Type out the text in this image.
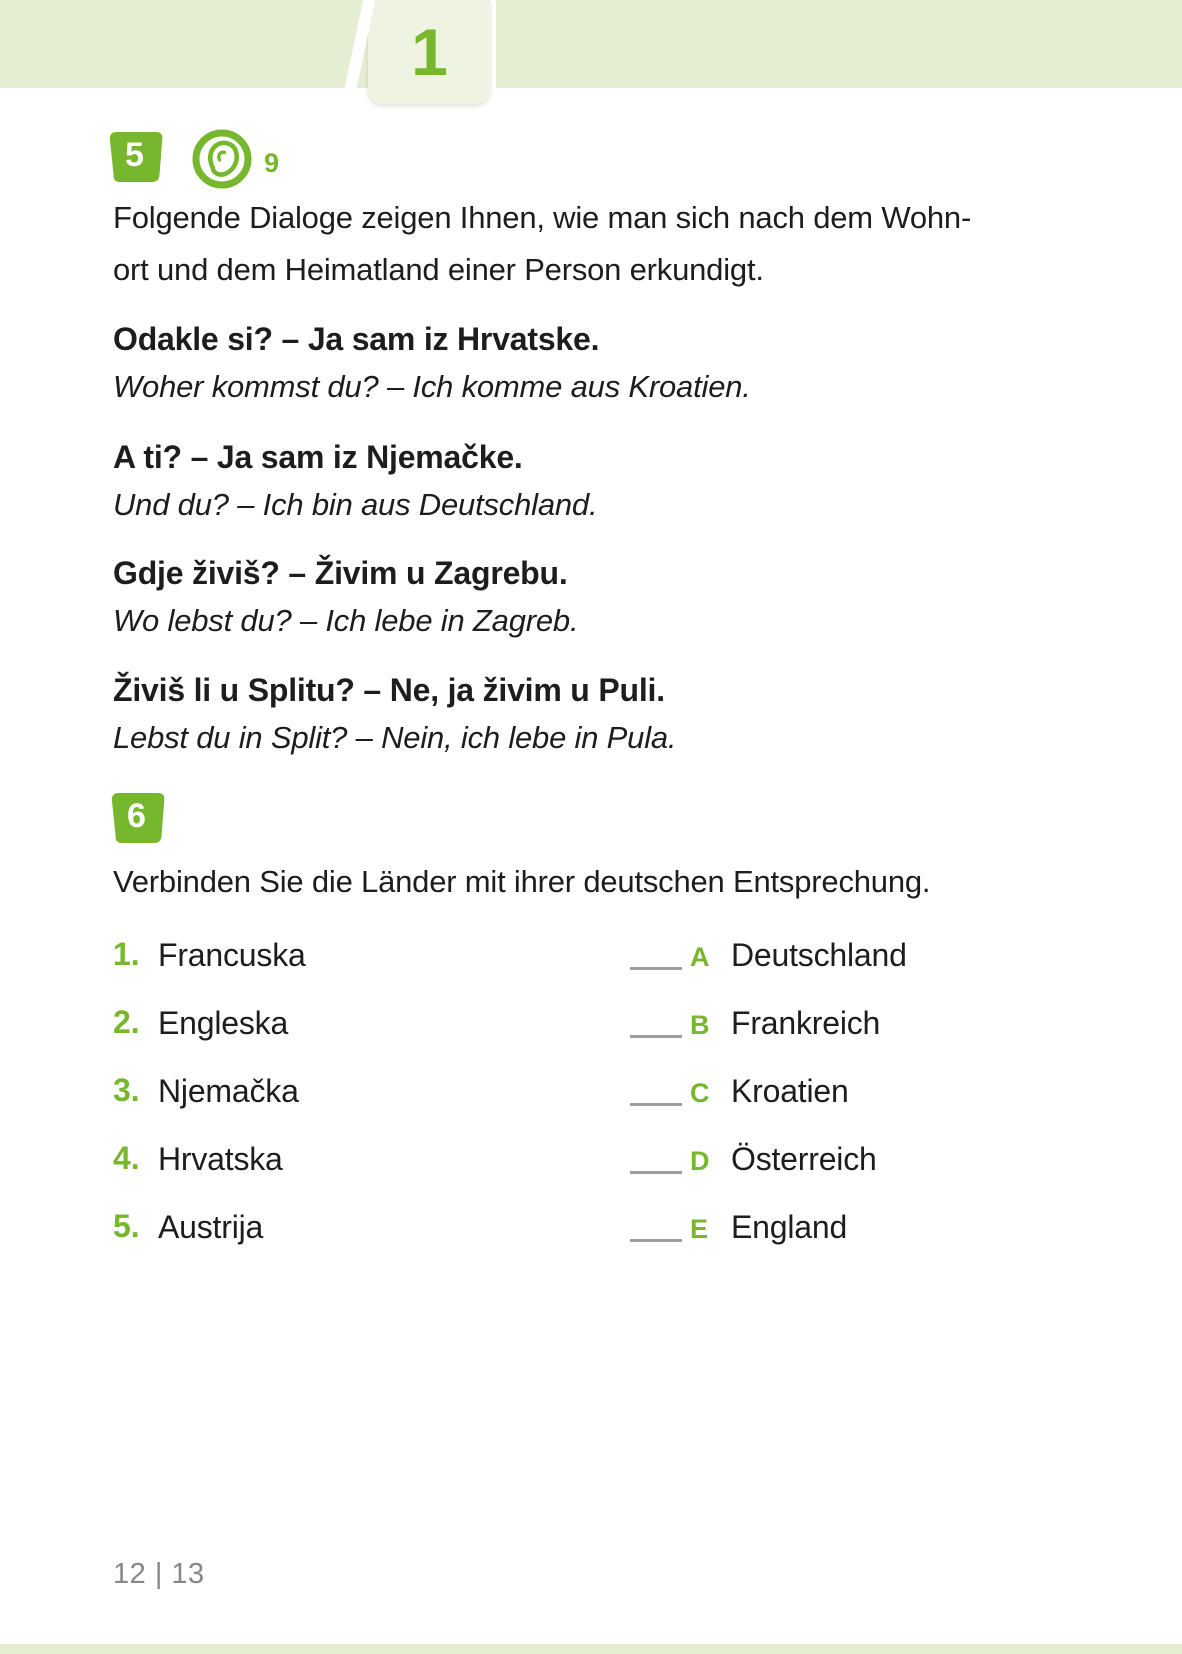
1
5	9
Folgende Dialoge zeigen Ihnen, wie man sich nach dem Wohn-
ort und dem Heimatland einer Person erkundigt.
Odakle si? – Ja sam iz Hrvatske.
Woher kommst du? – Ich komme aus Kroatien.
A ti? – Ja sam iz Njemačke.
Und du? – Ich bin aus Deutschland.
Gdje živiš? – Živim u Zagrebu.
Wo lebst du? – Ich lebe in Zagreb.
Živiš li u Splitu? – Ne, ja živim u Puli.
Lebst du in Split? – Nein, ich lebe in Pula.
6
Verbinden Sie die Länder mit ihrer deutschen Entsprechung.
1. Francuska	A Deutschland
2. Engleska	B Frankreich
3. Njemačka	C Kroatien
4. Hrvatska	D Österreich
5. Austrija	E England
12 | 13
